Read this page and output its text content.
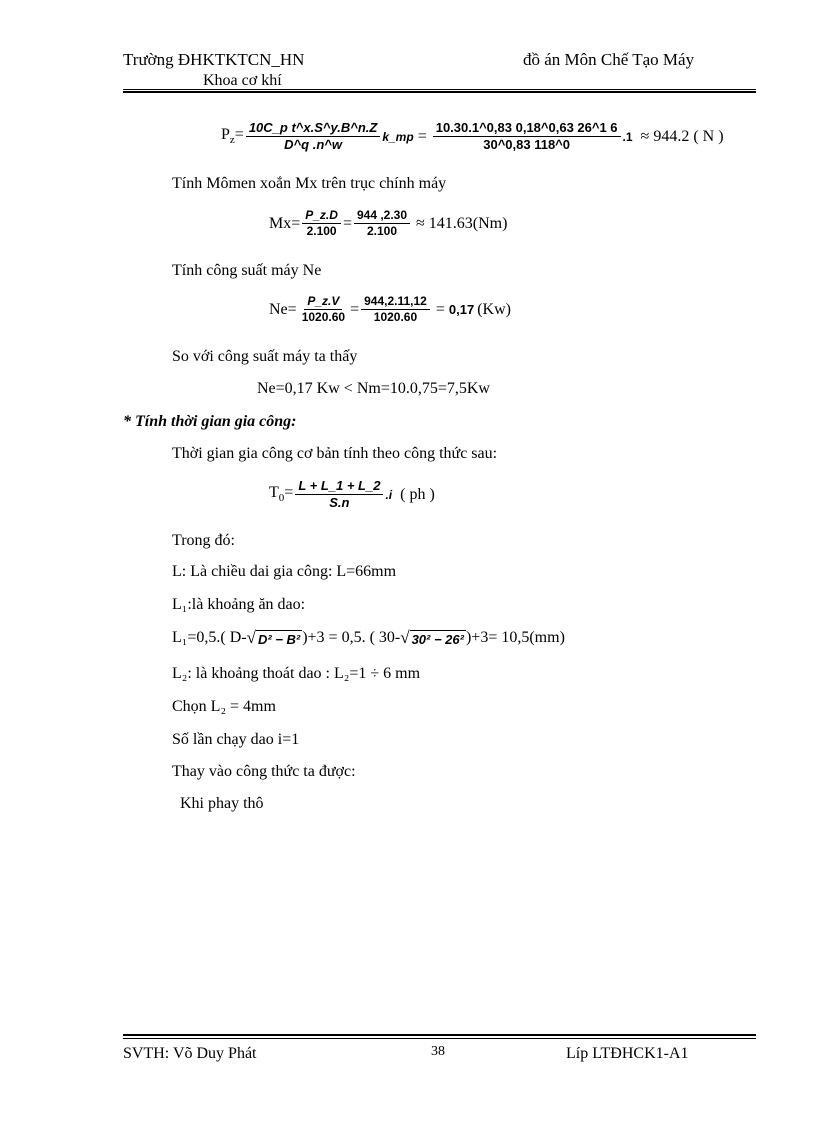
Trường ĐHKTKTCN_HN	đồ án Môn Chế Tạo Máy
Khoa cơ khí
$P_z= \frac{\text{10C\_p t\textasciicircum{}x.S\textasciicircum{}y.B\textasciicircum{}n.Z}}{D\^{}q .n\^{}w}$ k_mp = $\frac{10.30.1\^{}0,83 0,18\^{}0,63 26\^{}1 6}{30\^{}0,83 118\^{}0} .1 \approx 944.2$ ( N )
Tính Mômen xoắn Mx trên trục chính máy
$Mx= \frac{P\_z.D}{2.100} = \frac{944 ,2.30}{2.100} \approx 141.63(Nm)$
Tính công suất máy Ne
$Ne= \frac{P\_z.V}{1020.60} = \frac{944,2.11,12}{1020.60} = 0,17$ (Kw)
So với công suất máy ta thấy
Ne=0,17 Kw < Nm=10.0,75=7,5Kw
* Tính thời gian gia công:
Thời gian gia công cơ bản tính theo công thức sau:
$T_0= \frac{L + L\_1 + L\_2}{S.n} .i$ ( ph )
Trong đó:
L: Là chiều dai gia công: L=66mm
L₁:là khoảng ăn dao:
L₁=0,5.( D- √ D² − B² )+3 = 0,5. ( 30- √ 30² − 26² )+3= 10,5(mm)
L₂: là khoảng thoát dao : L₂=1 ÷ 6 mm
Chọn L₂ = 4mm
Số lần chạy dao i=1
Thay vào công thức ta được:
Khi phay thô
SVTH: Võ Duy Phát	38	Líp LTĐHCK1-A1
